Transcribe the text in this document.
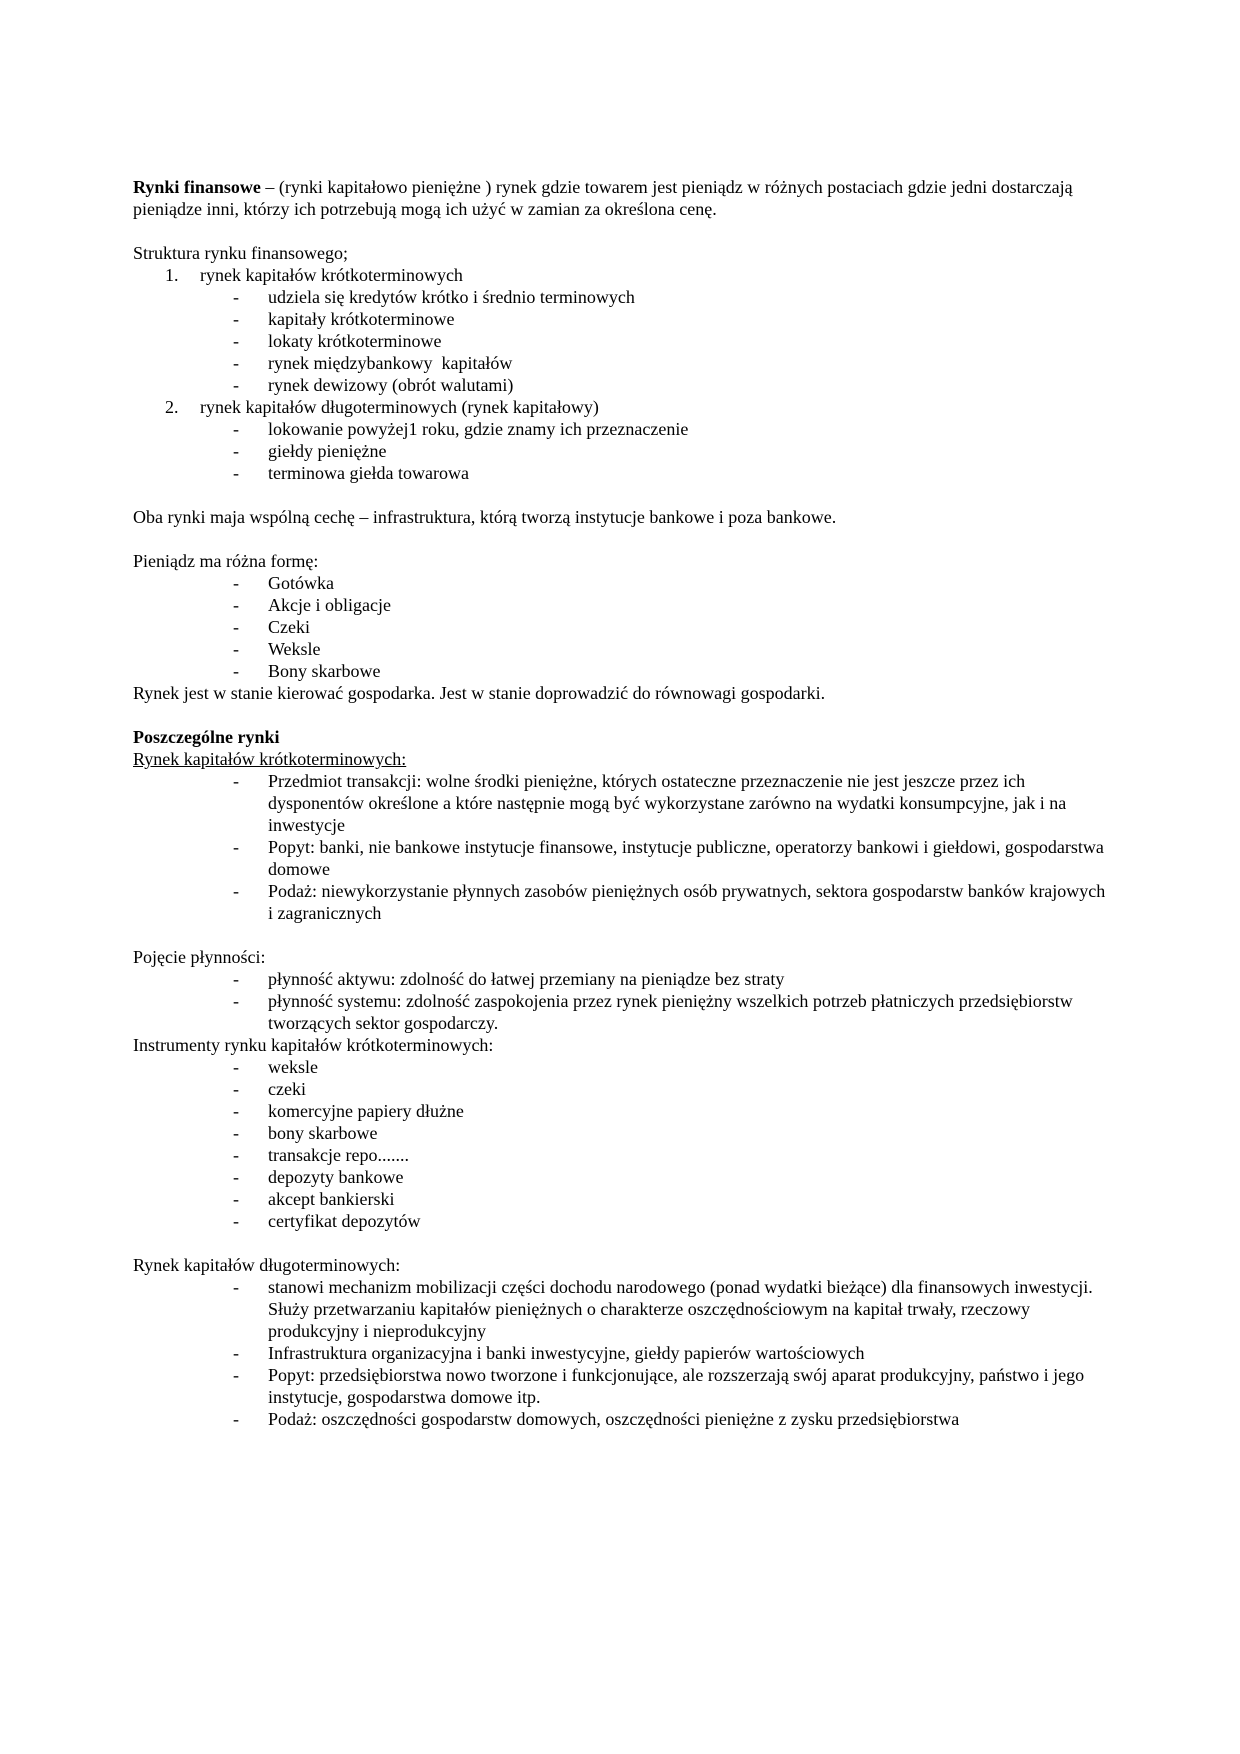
Rynki finansowe – (rynki kapitałowo pieniężne ) rynek gdzie towarem jest pieniądz w różnych postaciach gdzie jedni dostarczają pieniądze inni, którzy ich potrzebują mogą ich użyć w zamian za określona cenę.

Struktura rynku finansowego;

1.	rynek kapitałów krótkoterminowych
-	udziela się kredytów krótko i średnio terminowych
-	kapitały krótkoterminowe
-	lokaty krótkoterminowe
-	rynek międzybankowy  kapitałów
-	rynek dewizowy (obrót walutami)
2.	rynek kapitałów długoterminowych (rynek kapitałowy)
-	lokowanie powyżej1 roku, gdzie znamy ich przeznaczenie
-	giełdy pieniężne
-	terminowa giełda towarowa

Oba rynki maja wspólną cechę – infrastruktura, którą tworzą instytucje bankowe i poza bankowe.

Pieniądz ma różna formę:

-	Gotówka
-	Akcje i obligacje
-	Czeki
-	Weksle
-	Bony skarbowe

Rynek jest w stanie kierować gospodarka. Jest w stanie doprowadzić do równowagi gospodarki.

Poszczególne rynki

Rynek kapitałów krótkoterminowych:

-	Przedmiot transakcji: wolne środki pieniężne, których ostateczne przeznaczenie nie jest jeszcze przez ich dysponentów określone a które następnie mogą być wykorzystane zarówno na wydatki konsumpcyjne, jak i na inwestycje
-	Popyt: banki, nie bankowe instytucje finansowe, instytucje publiczne, operatorzy bankowi i giełdowi, gospodarstwa domowe
-	Podaż: niewykorzystanie płynnych zasobów pieniężnych osób prywatnych, sektora gospodarstw banków krajowych i zagranicznych

Pojęcie płynności:

-	płynność aktywu: zdolność do łatwej przemiany na pieniądze bez straty
-	płynność systemu: zdolność zaspokojenia przez rynek pieniężny wszelkich potrzeb płatniczych przedsiębiorstw tworzących sektor gospodarczy.

Instrumenty rynku kapitałów krótkoterminowych:

-	weksle
-	czeki
-	komercyjne papiery dłużne
-	bony skarbowe
-	transakcje repo.......
-	depozyty bankowe
-	akcept bankierski
-	certyfikat depozytów

Rynek kapitałów długoterminowych:

-	stanowi mechanizm mobilizacji części dochodu narodowego (ponad wydatki bieżące) dla finansowych inwestycji. Służy przetwarzaniu kapitałów pieniężnych o charakterze oszczędnościowym na kapitał trwały, rzeczowy produkcyjny i nieprodukcyjny
-	Infrastruktura organizacyjna i banki inwestycyjne, giełdy papierów wartościowych
-	Popyt: przedsiębiorstwa nowo tworzone i funkcjonujące, ale rozszerzają swój aparat produkcyjny, państwo i jego instytucje, gospodarstwa domowe itp.
-	Podaż: oszczędności gospodarstw domowych, oszczędności pieniężne z zysku przedsiębiorstwa
